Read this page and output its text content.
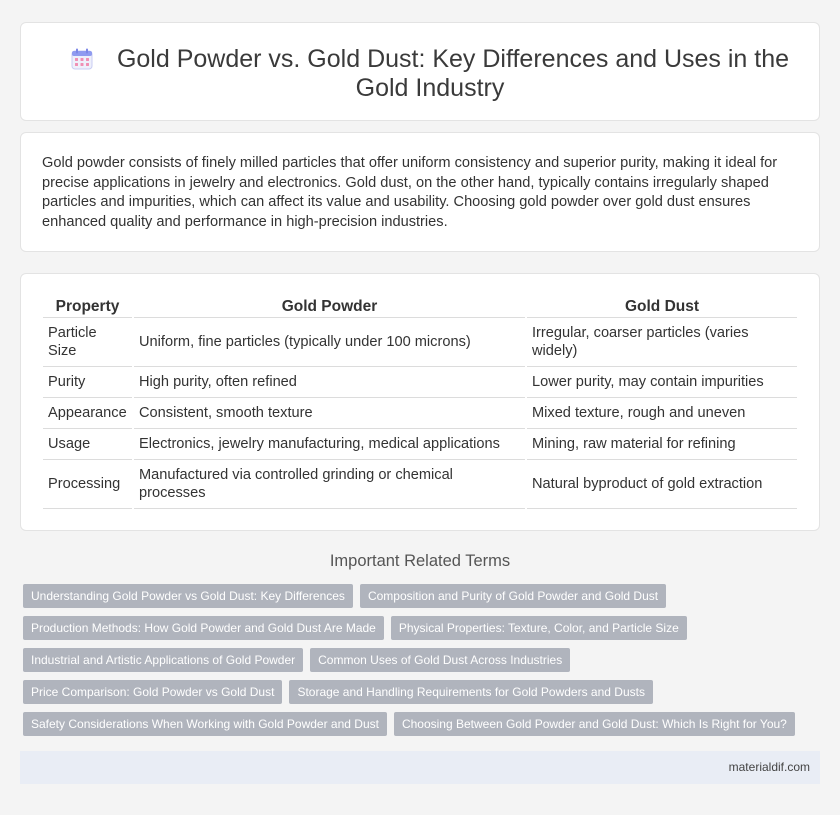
Gold Powder vs. Gold Dust: Key Differences and Uses in the Gold Industry

Gold powder consists of finely milled particles that offer uniform consistency and superior purity, making it ideal for precise applications in jewelry and electronics. Gold dust, on the other hand, typically contains irregularly shaped particles and impurities, which can affect its value and usability. Choosing gold powder over gold dust ensures enhanced quality and performance in high-precision industries.

Property	Gold Powder	Gold Dust
Particle Size	Uniform, fine particles (typically under 100 microns)	Irregular, coarser particles (varies widely)
Purity	High purity, often refined	Lower purity, may contain impurities
Appearance	Consistent, smooth texture	Mixed texture, rough and uneven
Usage	Electronics, jewelry manufacturing, medical applications	Mining, raw material for refining
Processing	Manufactured via controlled grinding or chemical processes	Natural byproduct of gold extraction
Important Related Terms
Understanding Gold Powder vs Gold Dust: Key Differences	Composition and Purity of Gold Powder and Gold Dust
Production Methods: How Gold Powder and Gold Dust Are Made	Physical Properties: Texture, Color, and Particle Size
Industrial and Artistic Applications of Gold Powder	Common Uses of Gold Dust Across Industries
Price Comparison: Gold Powder vs Gold Dust	Storage and Handling Requirements for Gold Powders and Dusts
Safety Considerations When Working with Gold Powder and Dust	Choosing Between Gold Powder and Gold Dust: Which Is Right for You?
materialdif.com
